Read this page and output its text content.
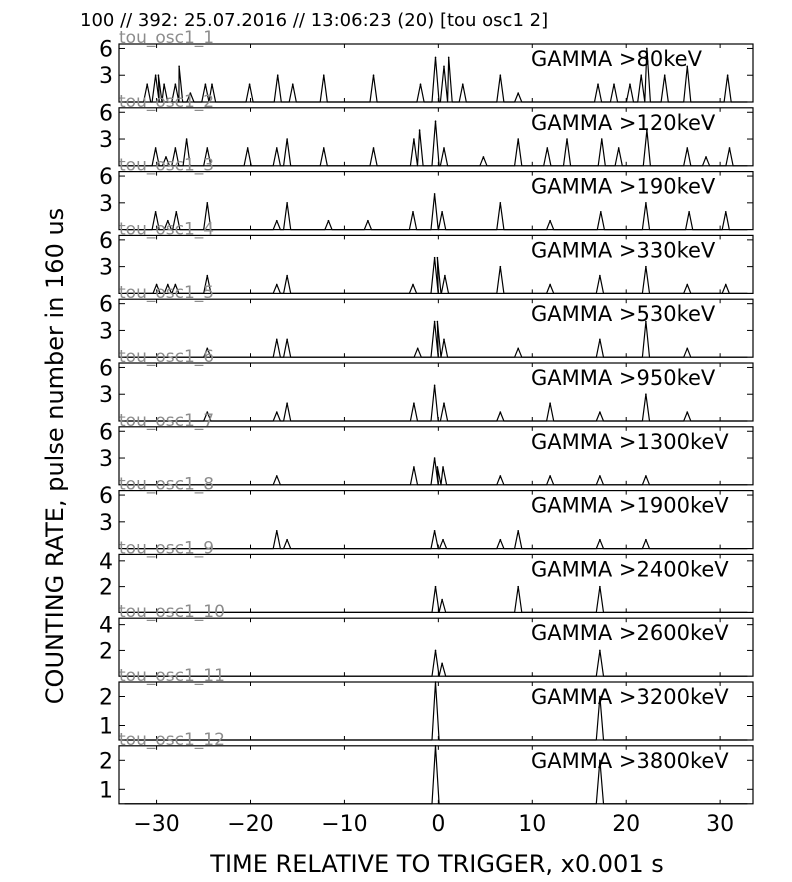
100 // 392: 25.07.2016 // 13:06:23 (20) [tou osc1 2]
3
6	GAMMA >80keV
tou_osc1_1
3
6	GAMMA >120keV
tou_osc1_2
3
6	GAMMA >190keV
tou_osc1_3
3
6	GAMMA >330keV
tou_osc1_4
3
6	GAMMA >530keV
tou_osc1_5
3
6	GAMMA >950keV
tou_osc1_6
3
6	GAMMA >1300keV
tou_osc1_7
3
6	GAMMA >1900keV
tou_osc1_8
2
4	GAMMA >2400keV
tou_osc1_9
2
4	GAMMA >2600keV
tou_osc1_10
1
2	GAMMA >3200keV
tou_osc1_11
1
2	GAMMA >3800keV
tou_osc1_12
−30 −20 −10	0	10	20	30
COUNTING RATE, pulse number in 160 us
TIME RELATIVE TO TRIGGER, x0.001 s
